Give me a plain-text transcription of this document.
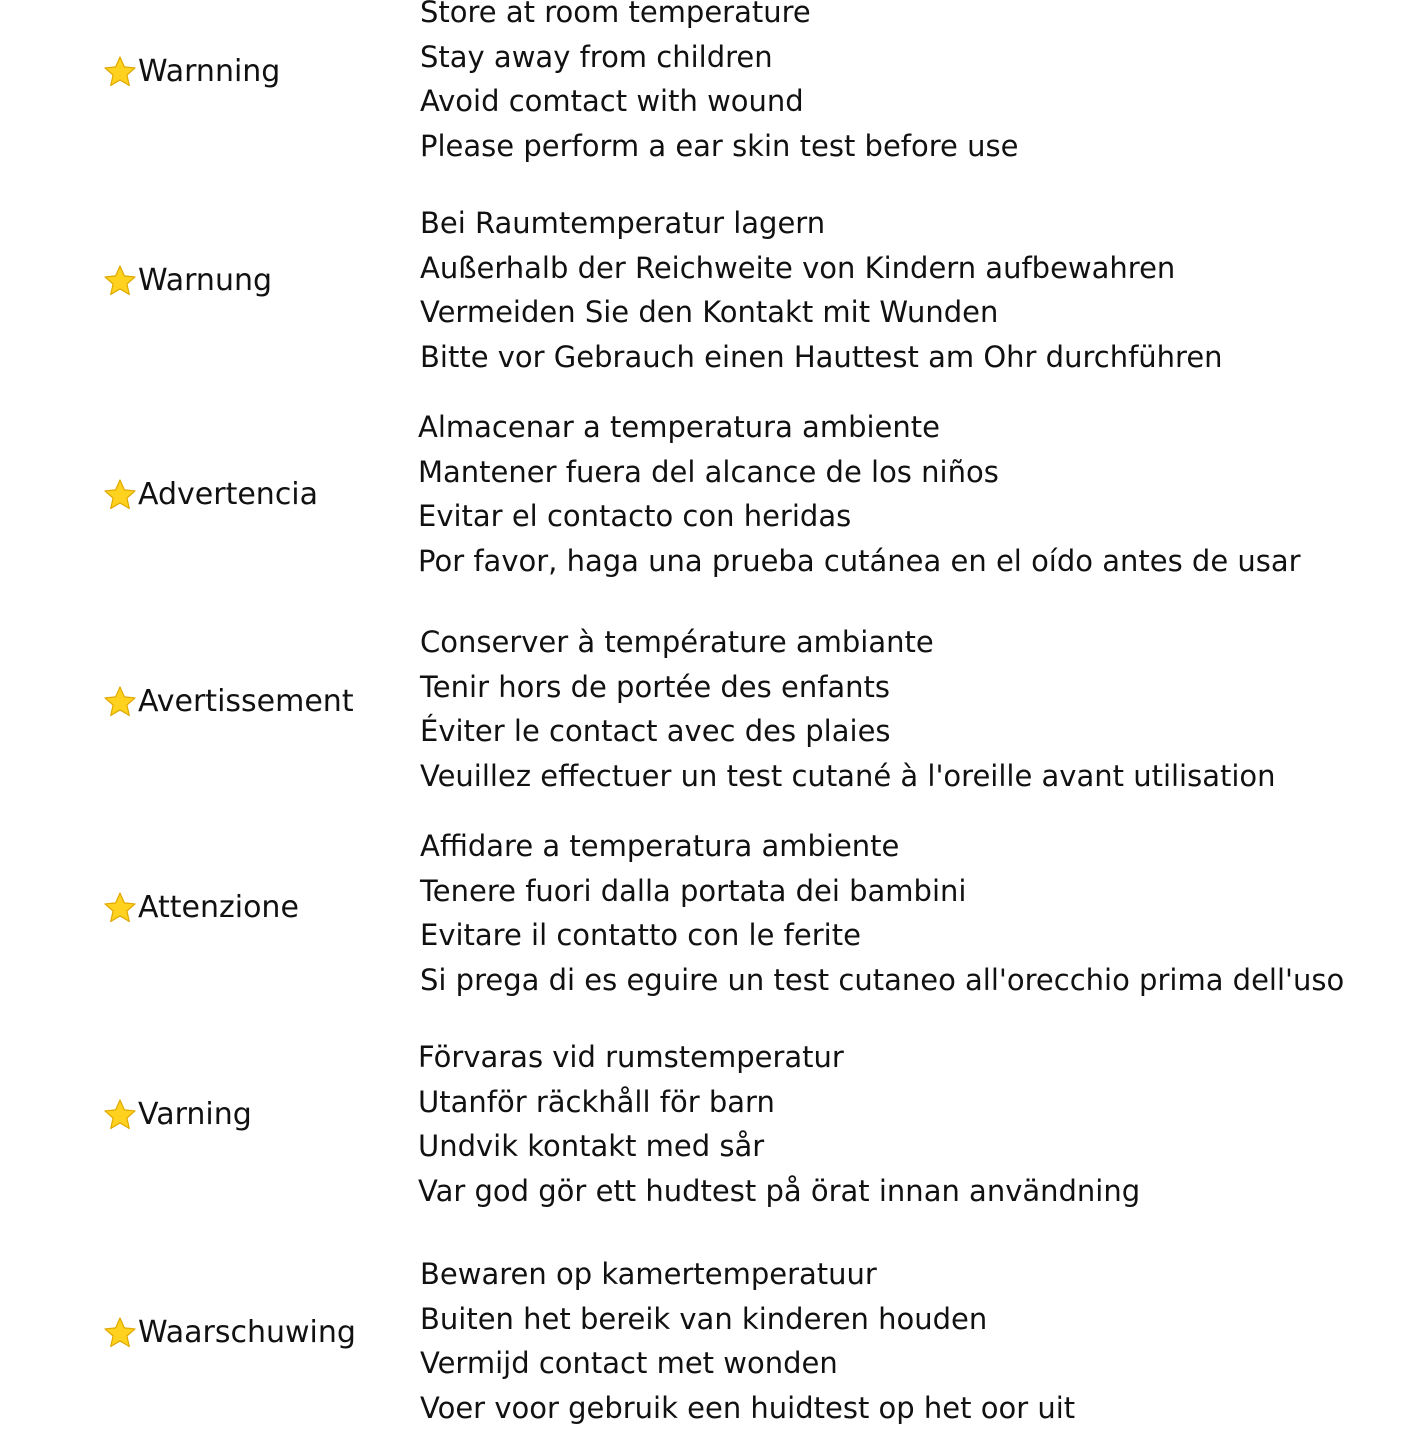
Warnning
Store at room temperature
Stay away from children
Avoid comtact with wound
Please perform a ear skin test before use
Warnung
Bei Raumtemperatur lagern
Außerhalb der Reichweite von Kindern aufbewahren
Vermeiden Sie den Kontakt mit Wunden
Bitte vor Gebrauch einen Hauttest am Ohr durchführen
Advertencia
Almacenar a temperatura ambiente
Mantener fuera del alcance de los niños
Evitar el contacto con heridas
Por favor, haga una prueba cutánea en el oído antes de usar
Avertissement
Conserver à température ambiante
Tenir hors de portée des enfants
Éviter le contact avec des plaies
Veuillez effectuer un test cutané à l'oreille avant utilisation
Attenzione
Affidare a temperatura ambiente
Tenere fuori dalla portata dei bambini
Evitare il contatto con le ferite
Si prega di es eguire un test cutaneo all'orecchio prima dell'uso
Varning
Förvaras vid rumstemperatur
Utanför räckhåll för barn
Undvik kontakt med sår
Var god gör ett hudtest på örat innan användning
Waarschuwing
Bewaren op kamertemperatuur
Buiten het bereik van kinderen houden
Vermijd contact met wonden
Voer voor gebruik een huidtest op het oor uit
